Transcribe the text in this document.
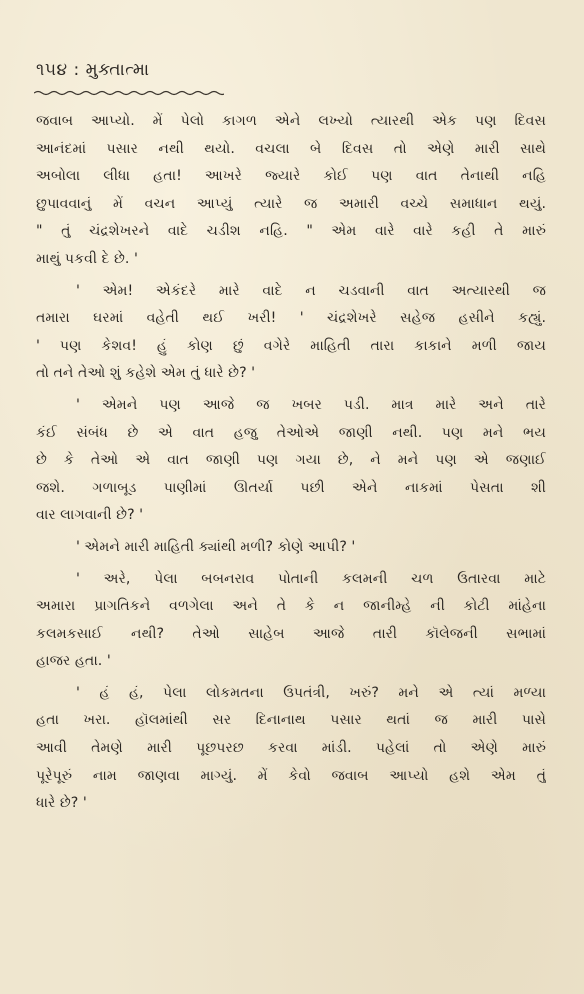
૧૫૪ : મુક્તાત્મા

જવાબ આપ્યો. મેં પેલો કાગળ એને લખ્યો ત્યારથી એક પણ દિવસ
આનંદમાં પસાર નથી થયો. વચલા બે દિવસ તો એણે મારી સાથે
અબોલા લીધા હતા! આખરે જ્યારે કોઈ પણ વાત તેનાથી નહિ
છુપાવવાનું મેં વચન આપ્યું ત્યારે જ અમારી વચ્ચે સમાધાન થયું.
" તું ચંદ્રશેખરને વાદે ચડીશ નહિ. " એમ વારે વારે કહી તે મારું
માથું પકવી દે છે. '

' એમ! એકંદરે મારે વાદે ન ચડવાની વાત અત્યારથી જ
તમારા ઘરમાં વહેતી થઈ ખરી! ' ચંદ્રશેખરે સહેજ હસીને કહ્યું.
' પણ કેશવ! હું કોણ છું વગેરે માહિતી તારા કાકાને મળી જાય
તો તને તેઓ શું કહેશે એમ તું ધારે છે? '

' એમને પણ આજે જ ખબર પડી. માત્ર મારે અને તારે
કંઈ સંબંધ છે એ વાત હજુ તેઓએ જાણી નથી. પણ મને ભય
છે કે તેઓ એ વાત જાણી પણ ગયા છે, ને મને પણ એ જણાઈ
જશે. ગળાબૂડ પાણીમાં ઊતર્યા પછી એને નાકમાં પેસતા શી
વાર લાગવાની છે? '

' એમને મારી માહિતી ક્યાંથી મળી? કોણે આપી? '

' અરે, પેલા બબનરાવ પોતાની કલમની ચળ ઉતારવા માટે
અમારા પ્રાગતિકને વળગેલા અને તે કે ન જાનીમ્હે ની કોટી માંહેના
કલમકસાઈ નથી? તેઓ સાહેબ આજે તારી કૉલેજની સભામાં
હાજર હતા. '

' હં હં, પેલા લોકમતના ઉપતંત્રી, ખરું? મને એ ત્યાં મળ્યા
હતા ખરા. હૉલમાંથી સર દિનાનાથ પસાર થતાં જ મારી પાસે
આવી તેમણે મારી પૂછપરછ કરવા માંડી. પહેલાં તો એણે મારું
પૂરેપૂરું નામ જાણવા માગ્યું. મેં કેવો જવાબ આપ્યો હશે એમ તું
ધારે છે? '
